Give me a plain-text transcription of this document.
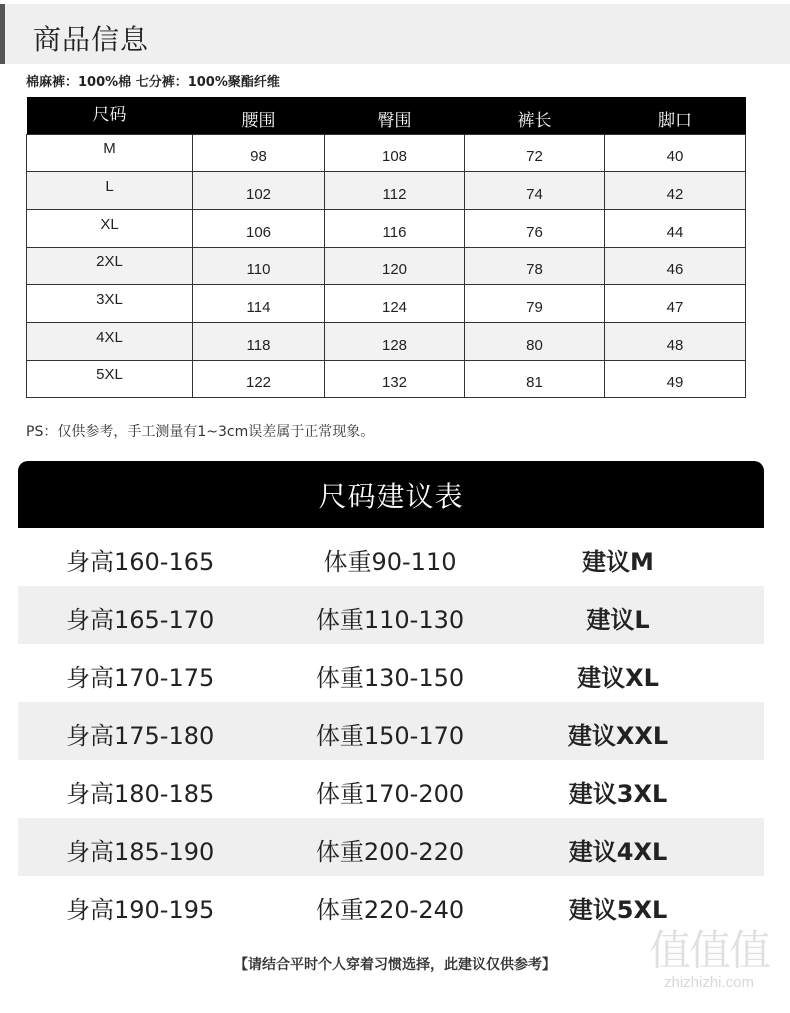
商品信息
棉麻裤：100%棉 七分裤：100%聚酯纤维
尺码	腰围	臀围	裤长	脚口
M	98	108	72	40
L	102	112	74	42
XL	106	116	76	44
2XL	110	120	78	46
3XL	114	124	79	47
4XL	118	128	80	48
5XL	122	132	81	49
PS：仅供参考，手工测量有1~3cm误差属于正常现象。
尺码建议表
身高160-165	体重90-110	建议M
身高165-170	体重110-130	建议L
身高170-175	体重130-150	建议XL
身高175-180	体重150-170	建议XXL
身高180-185	体重170-200	建议3XL
身高185-190	体重200-220	建议4XL
身高190-195	体重220-240	建议5XL
【请结合平时个人穿着习惯选择，此建议仅供参考】	值值值
zhizhizhi.com
